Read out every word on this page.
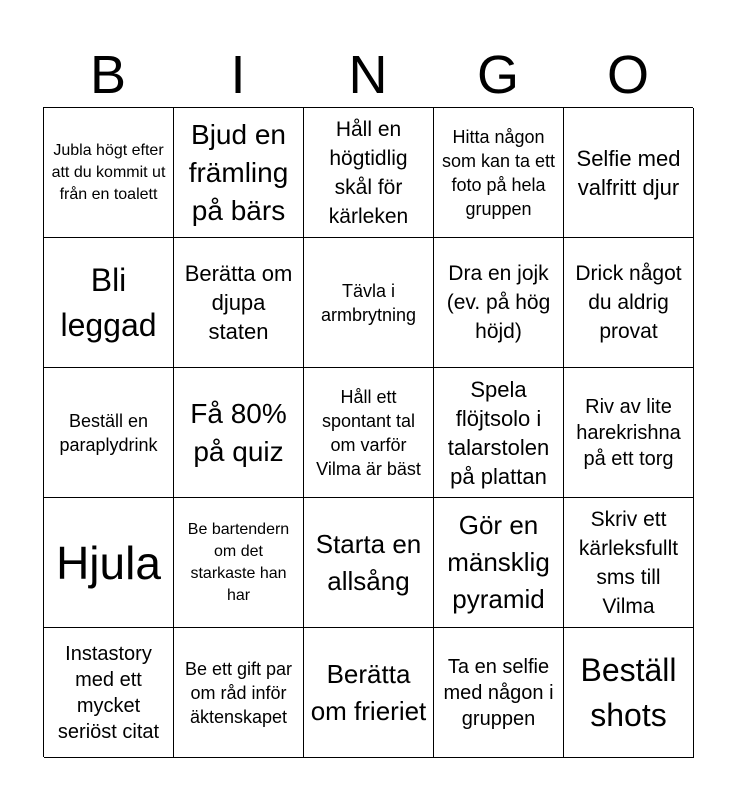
B	I	N	G	O
Jubla högt efter att du kommit ut från en toalett
Bjud en främling på bärs
Håll en högtidlig skål för kärleken
Hitta någon som kan ta ett foto på hela gruppen
Selfie med valfritt djur
Bli leggad
Berätta om djupa staten
Tävla i armbrytning
Dra en jojk (ev. på hög höjd)
Drick något du aldrig provat
Beställ en paraplydrink
Få 80% på quiz
Håll ett spontant tal om varför Vilma är bäst
Spela flöjtsolo i talarstolen på plattan
Riv av lite harekrishna på ett torg
Hjula
Be bartendern om det starkaste han har
Starta en allsång
Gör en mänsklig pyramid
Skriv ett kärleksfullt sms till Vilma
Instastory med ett mycket seriöst citat
Be ett gift par om råd inför äktenskapet
Berätta om frieriet
Ta en selfie med någon i gruppen
Beställ shots
